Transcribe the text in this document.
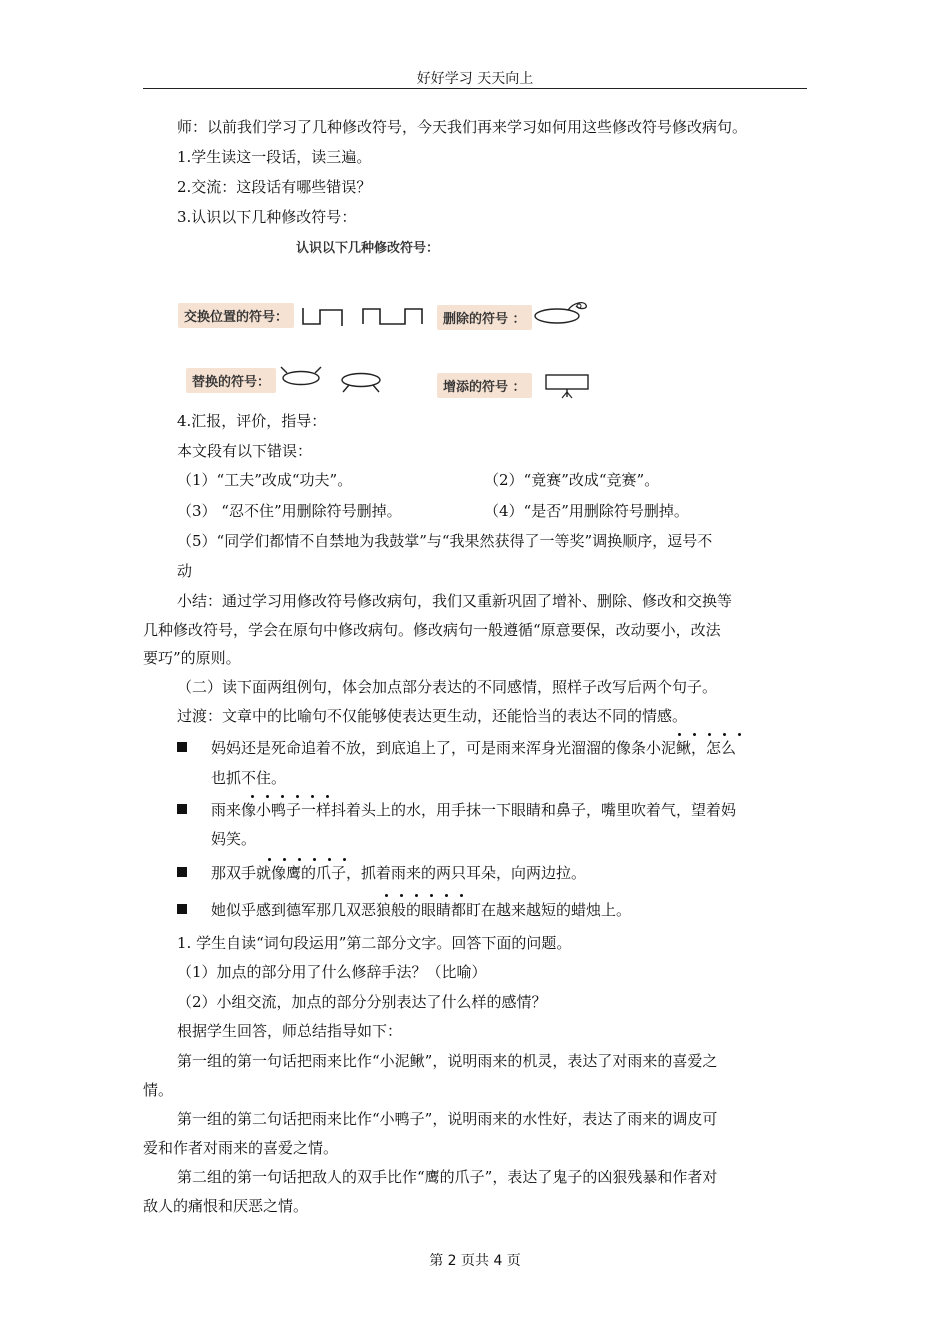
好好学习 天天向上
师：以前我们学习了几种修改符号，今天我们再来学习如何用这些修改符号修改病句。
1.学生读这一段话，读三遍。
2.交流：这段话有哪些错误？
3.认识以下几种修改符号：
认识以下几种修改符号：
交换位置的符号：	删除的符号 ：
替换的符号：	增添的符号 ：
4.汇报，评价，指导：
本文段有以下错误：
（1）“工夫”改成“功夫”。	（2）“竟赛”改成“竞赛”。
（3） “忍不住”用删除符号删掉。	（4）“是否”用删除符号删掉。
（5）“同学们都情不自禁地为我鼓掌”与“我果然获得了一等奖”调换顺序，逗号不
动
小结：通过学习用修改符号修改病句，我们又重新巩固了增补、删除、修改和交换等
几种修改符号，学会在原句中修改病句。修改病句一般遵循“原意要保，改动要小，改法
要巧”的原则。
（二）读下面两组例句，体会加点部分表达的不同感情，照样子改写后两个句子。
过渡：文章中的比喻句不仅能够使表达更生动，还能恰当的表达不同的情感。
妈妈还是死命追着不放，到底追上了，可是雨来浑身光溜溜的像条小泥鳅，怎么
也抓不住。
雨来像小鸭子一样抖着头上的水，用手抹一下眼睛和鼻子，嘴里吹着气，望着妈
妈笑。
那双手就像鹰的爪子，抓着雨来的两只耳朵，向两边拉。
她似乎感到德军那几双恶狼般的眼睛都盯在越来越短的蜡烛上。
1. 学生自读“词句段运用”第二部分文字。回答下面的问题。
（1）加点的部分用了什么修辞手法？（比喻）
（2）小组交流，加点的部分分别表达了什么样的感情？
根据学生回答，师总结指导如下：
第一组的第一句话把雨来比作“小泥鳅”，说明雨来的机灵，表达了对雨来的喜爱之
情。
第一组的第二句话把雨来比作“小鸭子”，说明雨来的水性好，表达了雨来的调皮可
爱和作者对雨来的喜爱之情。
第二组的第一句话把敌人的双手比作“鹰的爪子”，表达了鬼子的凶狠残暴和作者对
敌人的痛恨和厌恶之情。
第 2 页共 4 页
